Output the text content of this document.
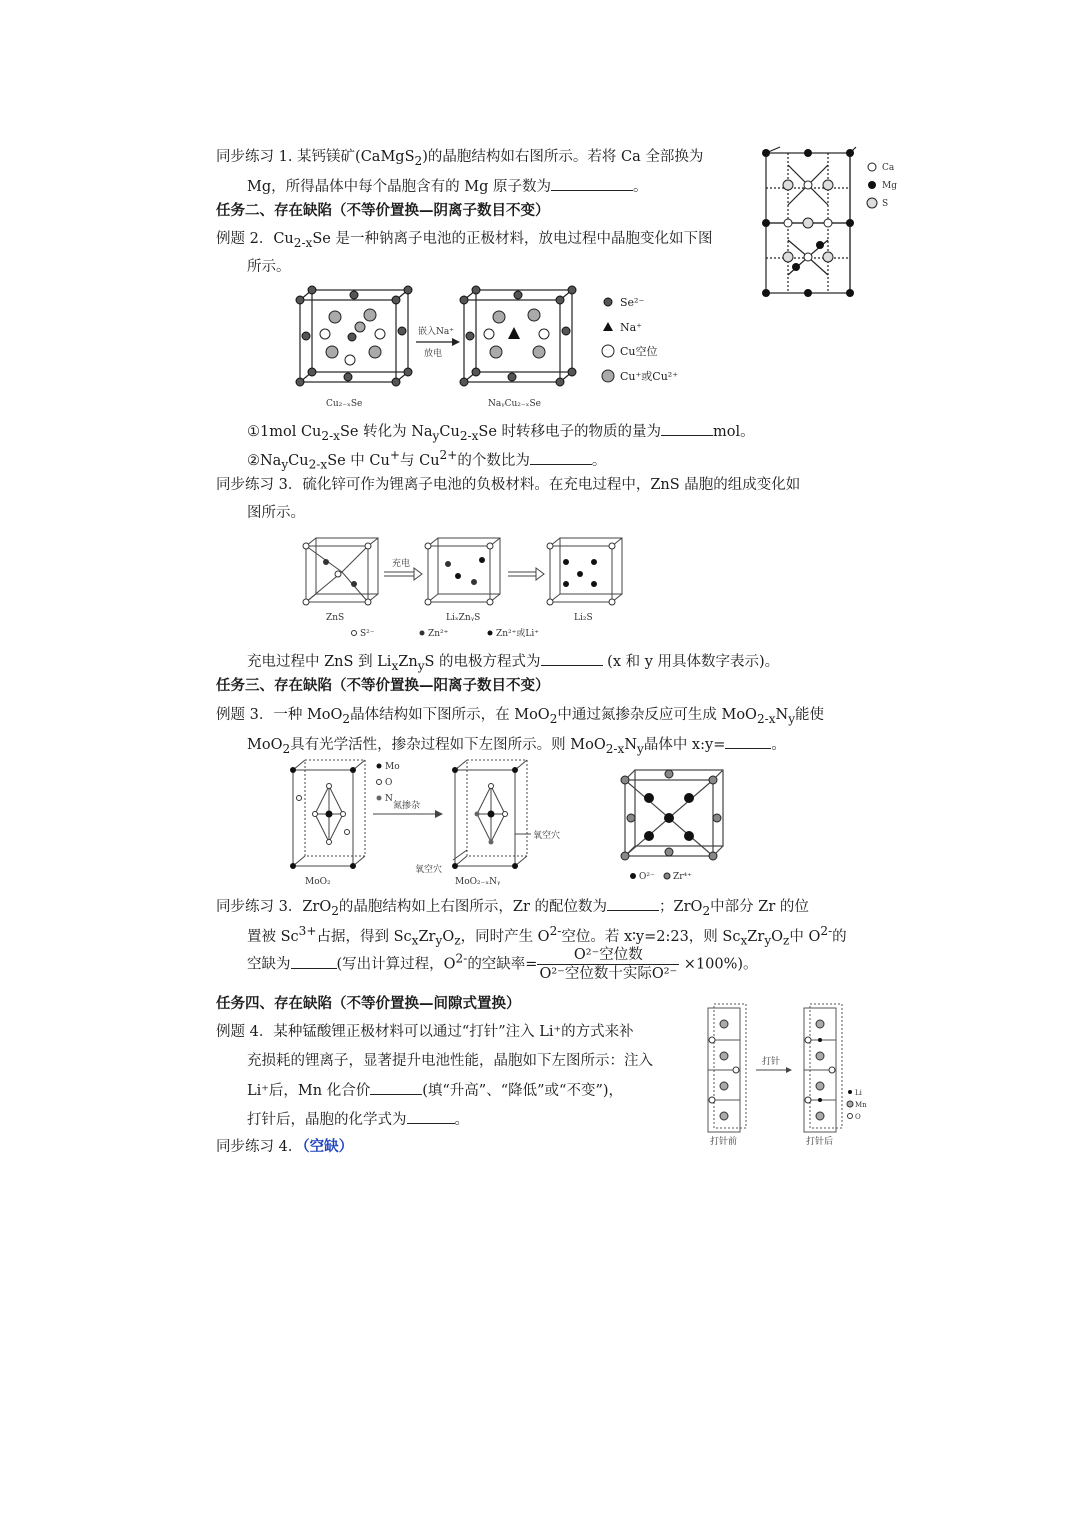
同步练习 1. 某钙镁矿(CaMgS$_2$)的晶胞结构如右图所示。若将 Ca 全部换为
Mg，所得晶体中每个晶胞含有的 Mg 原子数为	。
任务二、存在缺陷（不等价置换—阴离子数目不变）
例题 2．$Cu_{2-x}Se$ 是一种钠离子电池的正极材料，放电过程中晶胞变化如下图
所示。
①1mol $Cu_{2-x}Se$ 转化为 $Na_yCu_{2-x}Se$ 时转移电子的物质的量为	mol。
$②Na_yCu_{2-x}Se$ 中 Cu+与 $Cu^{2+}$的个数比为	。
同步练习 3．硫化锌可作为锂离子电池的负极材料。在充电过程中，ZnS 晶胞的组成变化如
图所示。
充电过程中 ZnS 到 $Li_xZn_yS$ 的电极方程式为	(x 和 y 用具体数字表示)。
任务三、存在缺陷（不等价置换—阳离子数目不变）
例题 3．一种 MoO$_2$晶体结构如下图所示，在 MoO$_2$中通过氮掺杂反应可生成 $MoO_{2-x}N_y$能使
MoO$_2$具有光学活性，掺杂过程如下左图所示。则 $MoO_{2-x}N_y$晶体中 x:y=	。
同步练习 3．ZrO$_2$的晶胞结构如上右图所示，Zr 的配位数为	；ZrO$_2$中部分 Zr 的位
置被 $Sc^{3+}$占据，得到 $Sc_xZr_yO_z$，同时产生 $O^{2-}$空位。若 x∶y=2:23，则 $Sc_xZr_yO_z$中 $O^{2-}$的
空缺为	(写出计算过程，$O^{2-}$的空缺率= $\frac{\text{O²⁻空位数}}{\text{O²⁻空位数十实际O²⁻}} \times 100\%$)。
任务四、存在缺陷（不等价置换—间隙式置换）
例题 4．某种锰酸锂正极材料可以通过“打针”注入 Li⁺的方式来补
充损耗的锂离子，显著提升电池性能，晶胞如下左图所示：注入
Li⁺后，Mn 化合价	(填“升高”、“降低”或“不变”)，
打针后，晶胞的化学式为	。
同步练习 4．（空缺）
Ca
Mg
S
嵌入Na⁺
放电
Cu₂₋ₓSe	NaᵧCu₂₋ₓSe
Se²⁻
Na⁺
Cu空位
Cu⁺或Cu²⁺
充电
ZnS	LiₓZnᵧS	Li₂S
S²⁻	Zn²⁺	Zn²⁺或Li⁺
Mo
O
N
氮掺杂
氧空穴
氧空穴
MoO₂	MoO₂₋ₓNᵧ	O²⁻ Zr⁴⁺
打针
打针前	打针后
Li
Mn
O
